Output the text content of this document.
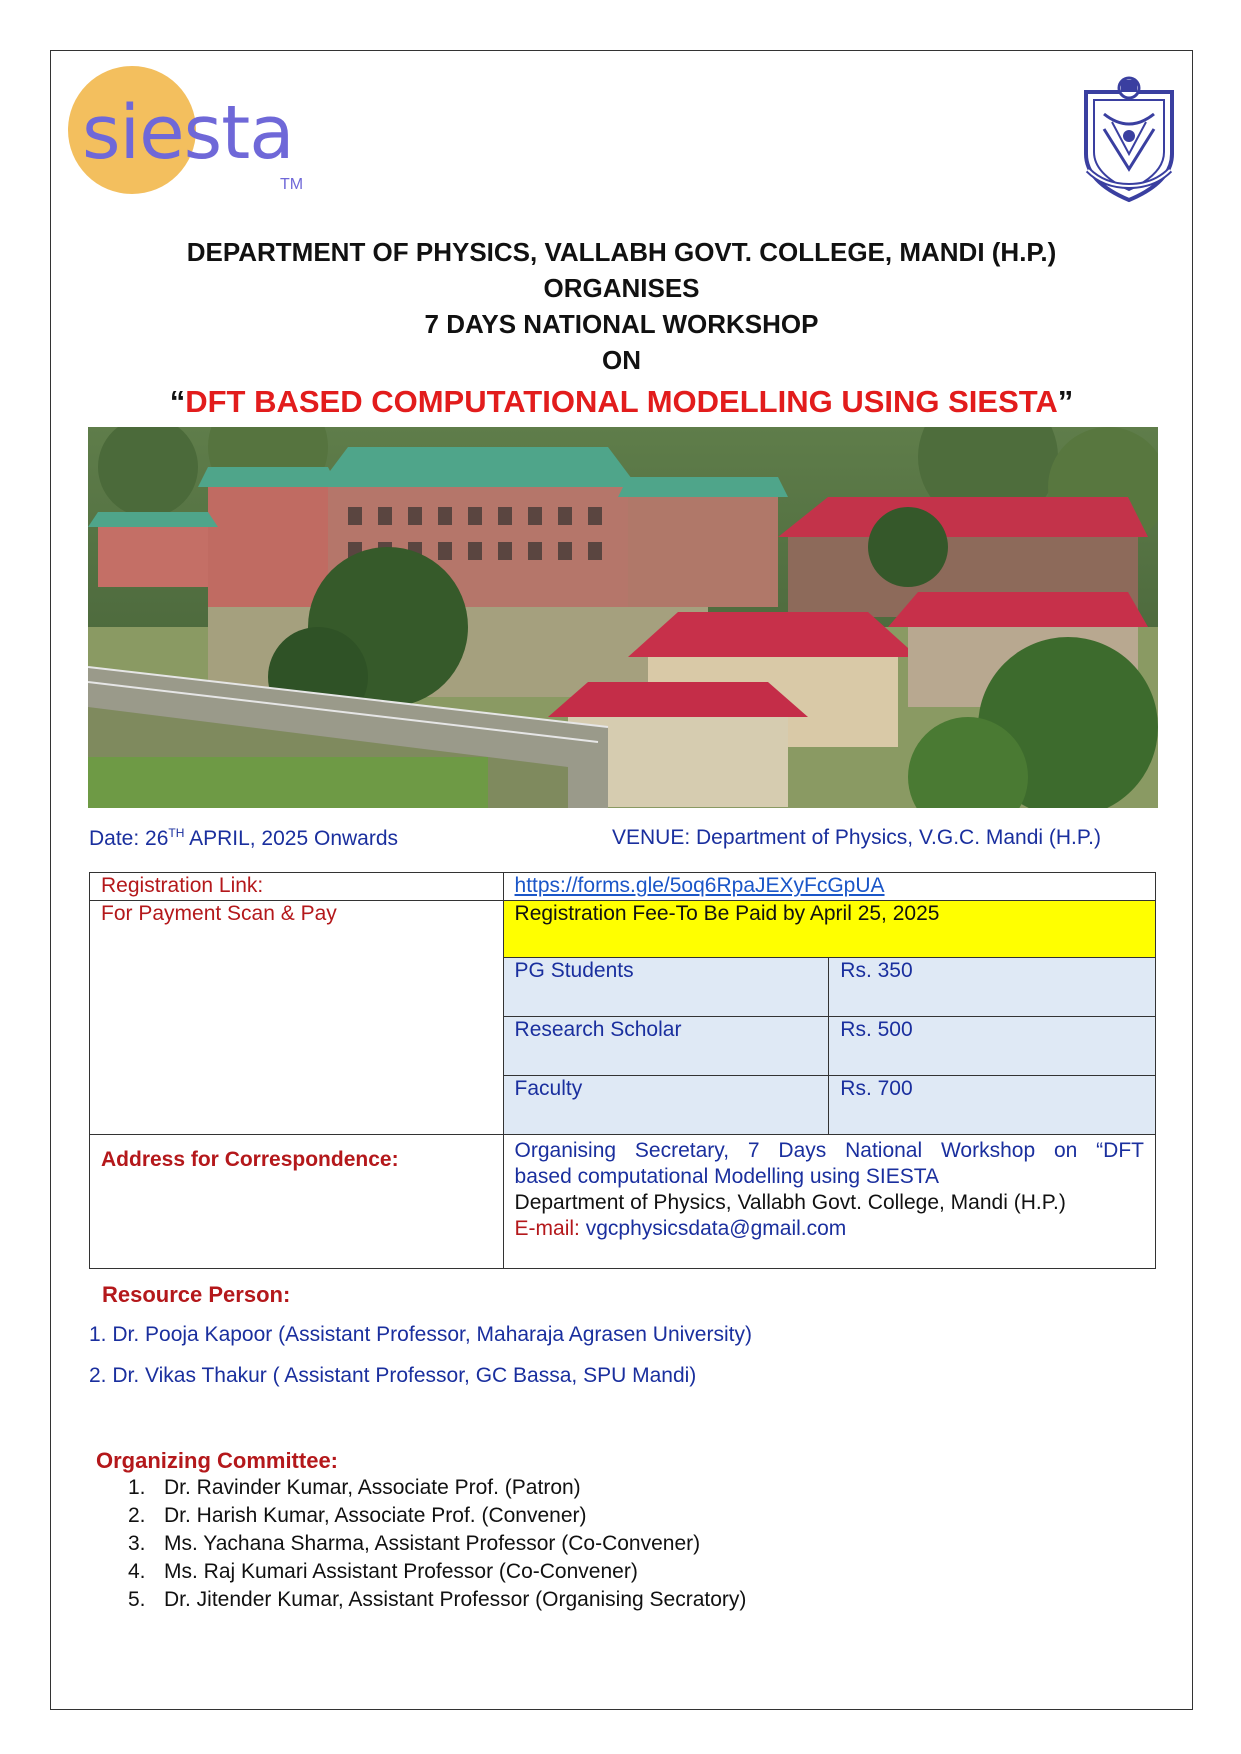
siesta
TM
DEPARTMENT OF PHYSICS, VALLABH GOVT. COLLEGE, MANDI (H.P.)
ORGANISES
7 DAYS NATIONAL WORKSHOP
ON
“DFT BASED COMPUTATIONAL MODELLING USING SIESTA”
Date: 26TH APRIL, 2025 Onwards	VENUE: Department of Physics, V.G.C. Mandi (H.P.)
Registration Link:	https://forms.gle/5oq6RpaJEXyFcGpUA	
For Payment Scan & Pay	Registration Fee-To Be Paid by April 25, 2025	
	PG Students	Rs. 350
	Research Scholar	Rs. 500
	Faculty	Rs. 700
Address for Correspondence:	Organising Secretary, 7 Days National Workshop on “DFT
based computational Modelling using SIESTA
Department of Physics, Vallabh Govt. College, Mandi (H.P.)
E-mail: vgcphysicsdata@gmail.com	
Resource Person:
1. Dr. Pooja Kapoor (Assistant Professor, Maharaja Agrasen University)
2. Dr. Vikas Thakur ( Assistant Professor, GC Bassa, SPU Mandi)
Organizing Committee:
1. Dr. Ravinder Kumar, Associate Prof. (Patron)
2. Dr. Harish Kumar, Associate Prof. (Convener)
3. Ms. Yachana Sharma, Assistant Professor (Co-Convener)
4. Ms. Raj Kumari Assistant Professor (Co-Convener)
5. Dr. Jitender Kumar, Assistant Professor (Organising Secratory)
